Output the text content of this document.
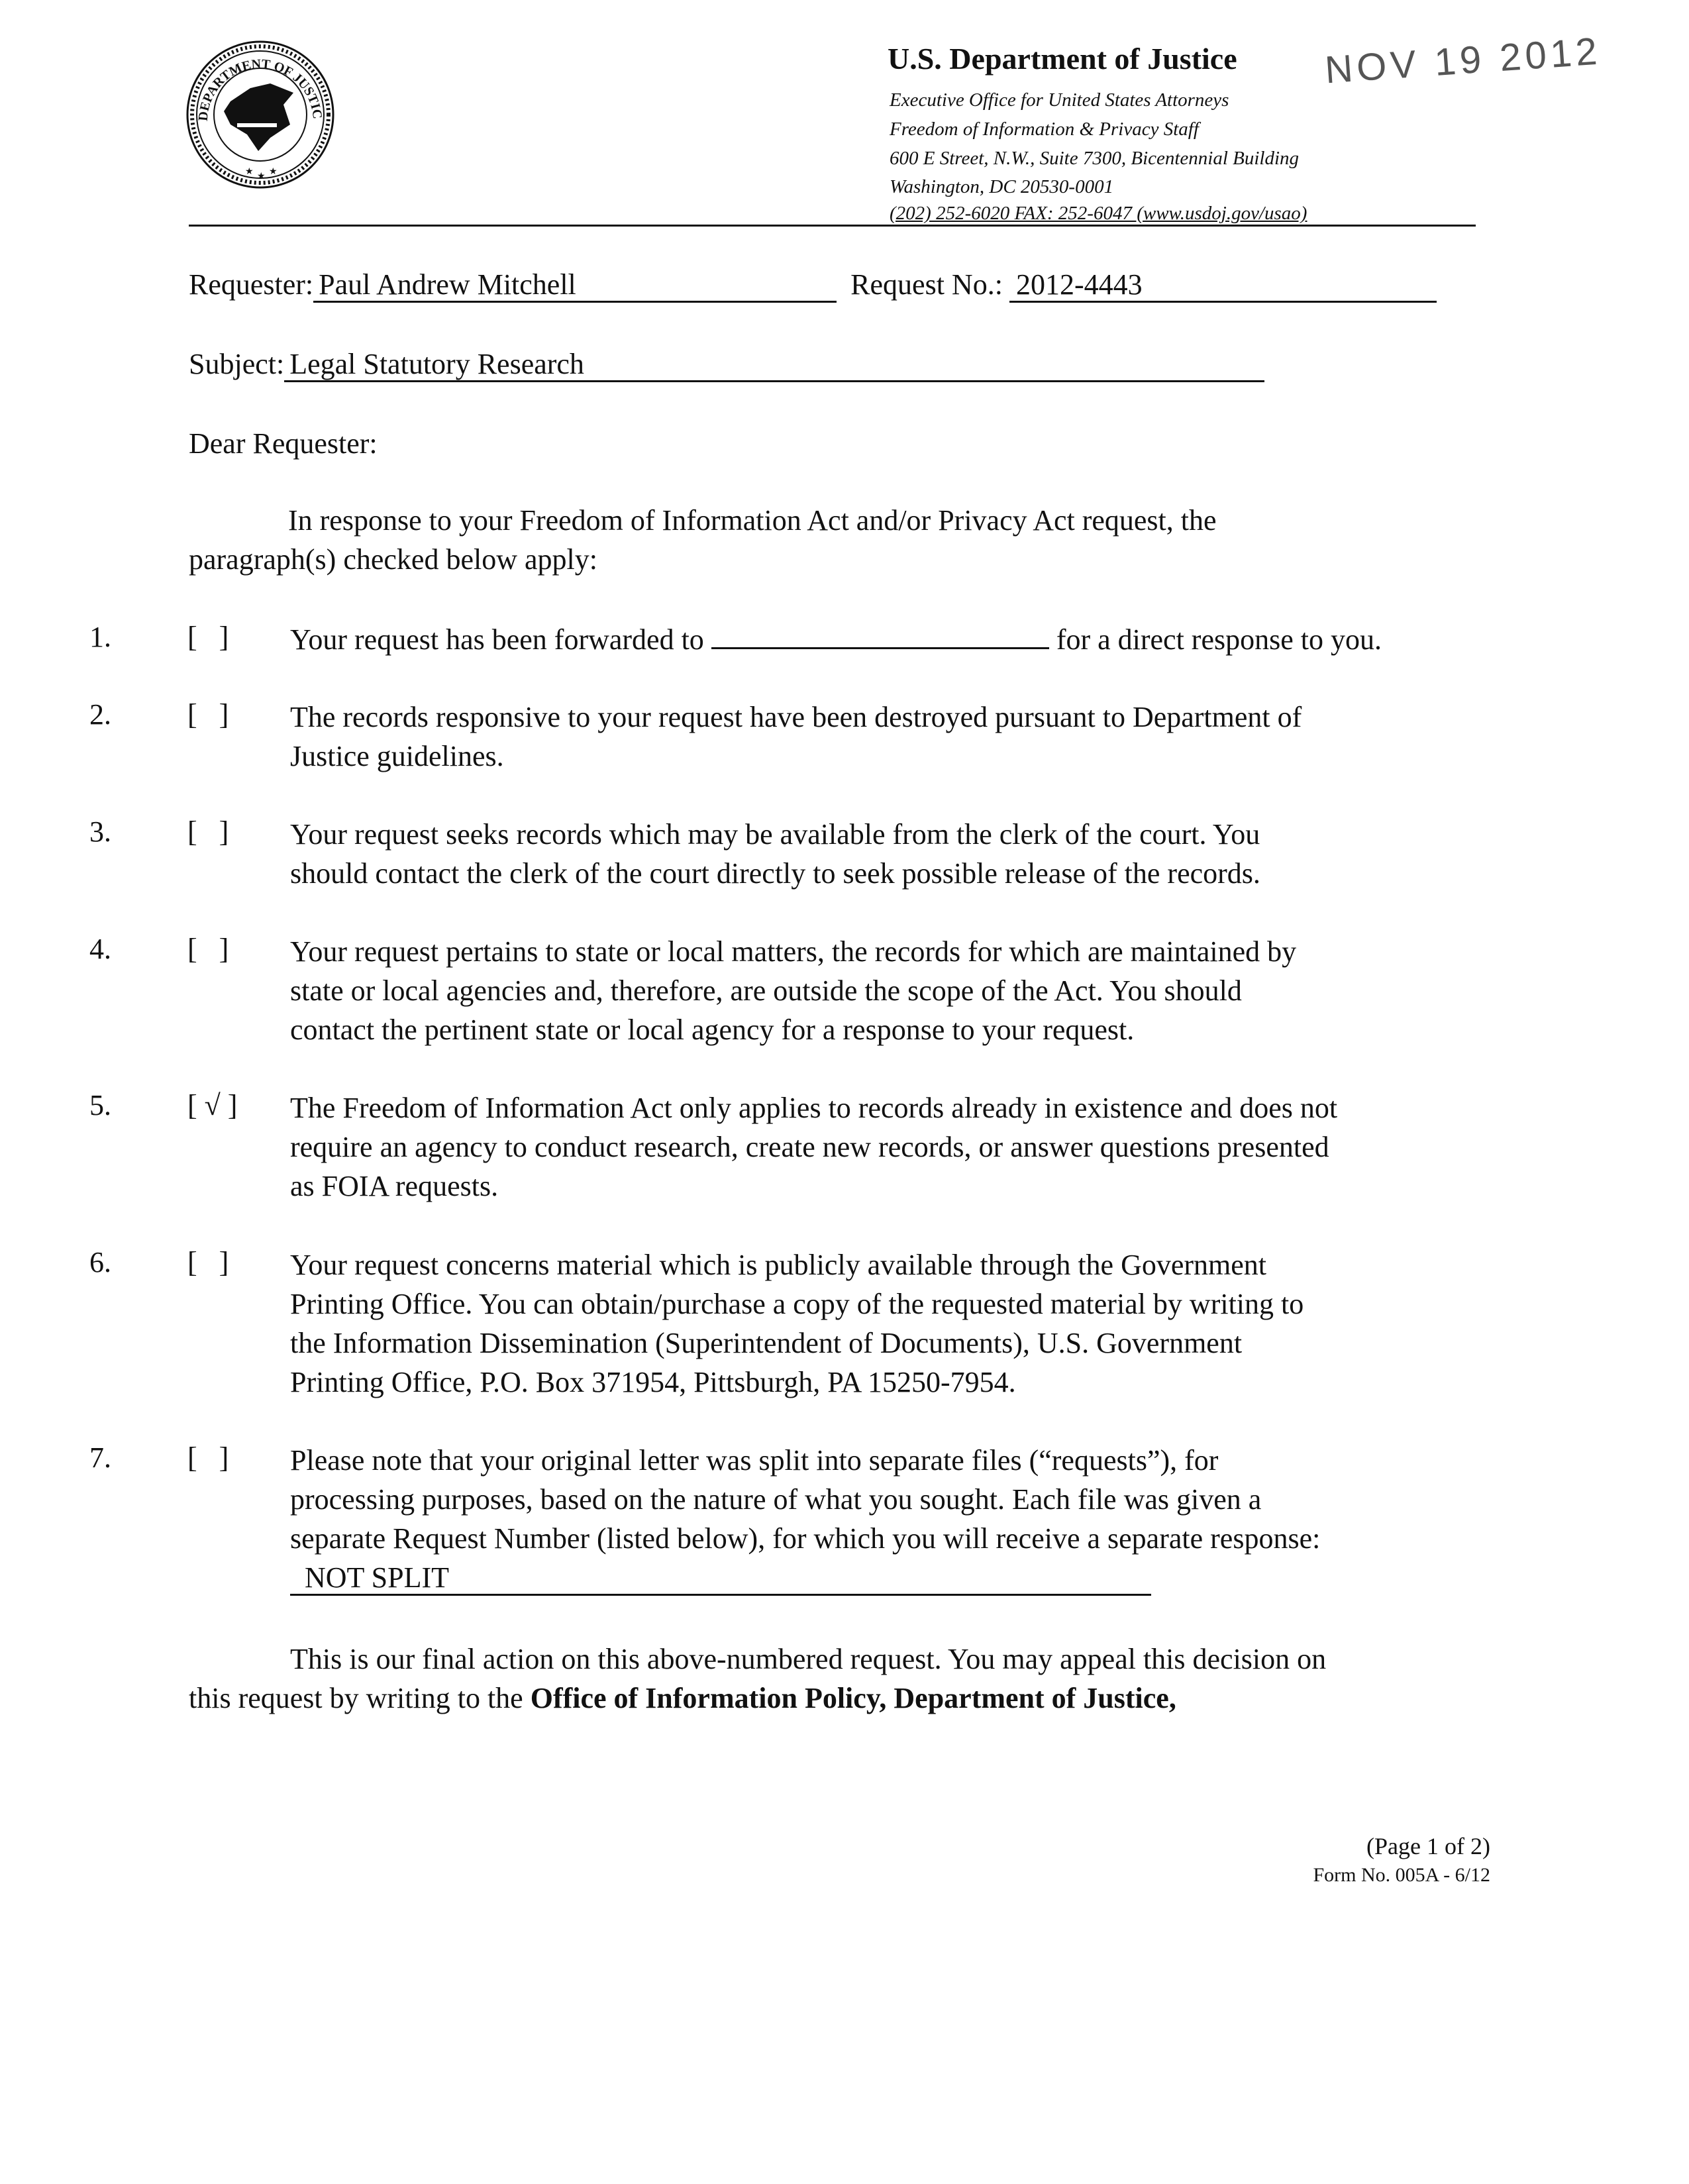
DEPARTMENT OF JUSTIC
★ ★ ★
U.S. Department of Justice NOV 19 2012
Executive Office for United States Attorneys
Freedom of Information & Privacy Staff
600 E Street, N.W., Suite 7300, Bicentennial Building
Washington, DC 20530-0001
(202) 252-6020 FAX: 252-6047 (www.usdoj.gov/usao)
Requester: Paul Andrew Mitchell	Request No.: 2012-4443
Subject: Legal Statutory Research
Dear Requester:
In response to your Freedom of Information Act and/or Privacy Act request, the
paragraph(s) checked below apply:
1.	[   ] Your request has been forwarded to	for a direct response to you.
2.	[   ] The records responsive to your request have been destroyed pursuant to Department of
Justice guidelines.
3.	[   ] Your request seeks records which may be available from the clerk of the court. You
should contact the clerk of the court directly to seek possible release of the records.
4.	[   ] Your request pertains to state or local matters, the records for which are maintained by
state or local agencies and, therefore, are outside the scope of the Act. You should
contact the pertinent state or local agency for a response to your request.
5.	[ √ ] The Freedom of Information Act only applies to records already in existence and does not
require an agency to conduct research, create new records, or answer questions presented
as FOIA requests.
6.	[   ] Your request concerns material which is publicly available through the Government
Printing Office. You can obtain/purchase a copy of the requested material by writing to
the Information Dissemination (Superintendent of Documents), U.S. Government
Printing Office, P.O. Box 371954, Pittsburgh, PA 15250-7954.
7.	[   ] Please note that your original letter was split into separate files (“requests”), for
processing purposes, based on the nature of what you sought. Each file was given a
separate Request Number (listed below), for which you will receive a separate response:
NOT SPLIT
This is our final action on this above-numbered request. You may appeal this decision on
this request by writing to the Office of Information Policy, Department of Justice,
(Page 1 of 2)
Form No. 005A - 6/12
